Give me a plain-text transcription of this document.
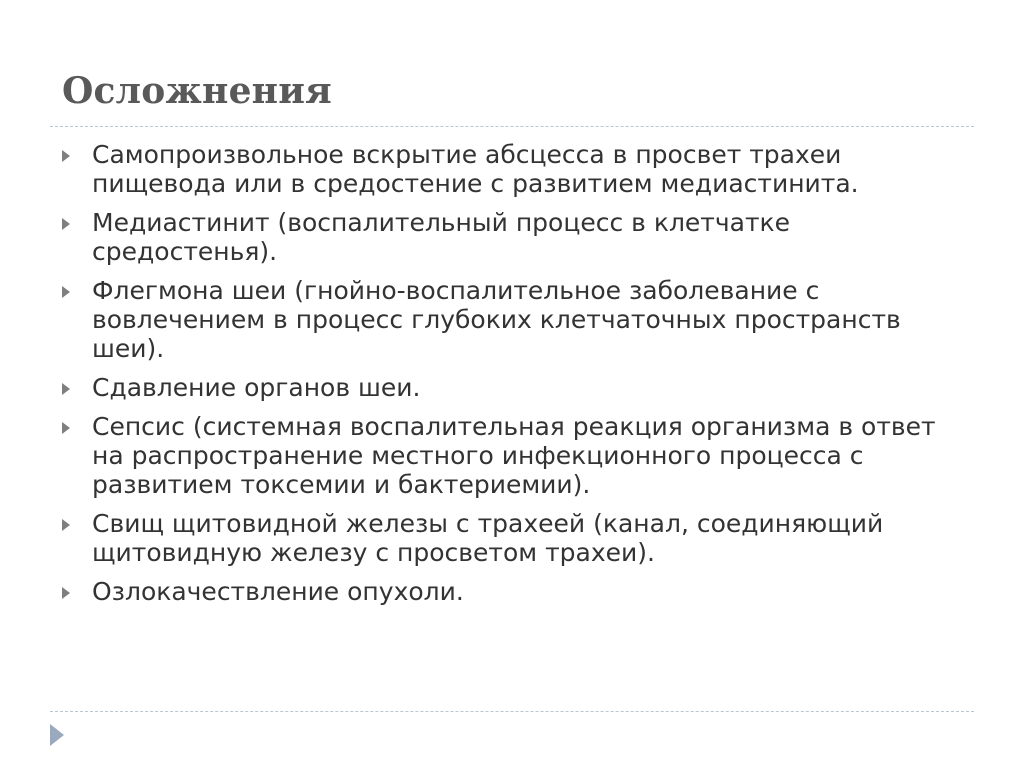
Осложнения
Самопроизвольное вскрытие абсцесса в просвет трахеи пищевода или в средостение с развитием медиастинита.
Медиастинит (воспалительный процесс в клетчатке средостенья).
Флегмона шеи (гнойно-воспалительное заболевание с вовлечением в процесс глубоких клетчаточных пространств шеи).
Сдавление органов шеи.
Сепсис (системная воспалительная реакция организма в ответ на распространение местного инфекционного процесса с развитием токсемии и бактериемии).
Свищ щитовидной железы с трахеей (канал, соединяющий щитовидную железу с просветом трахеи).
Озлокачествление опухоли.
